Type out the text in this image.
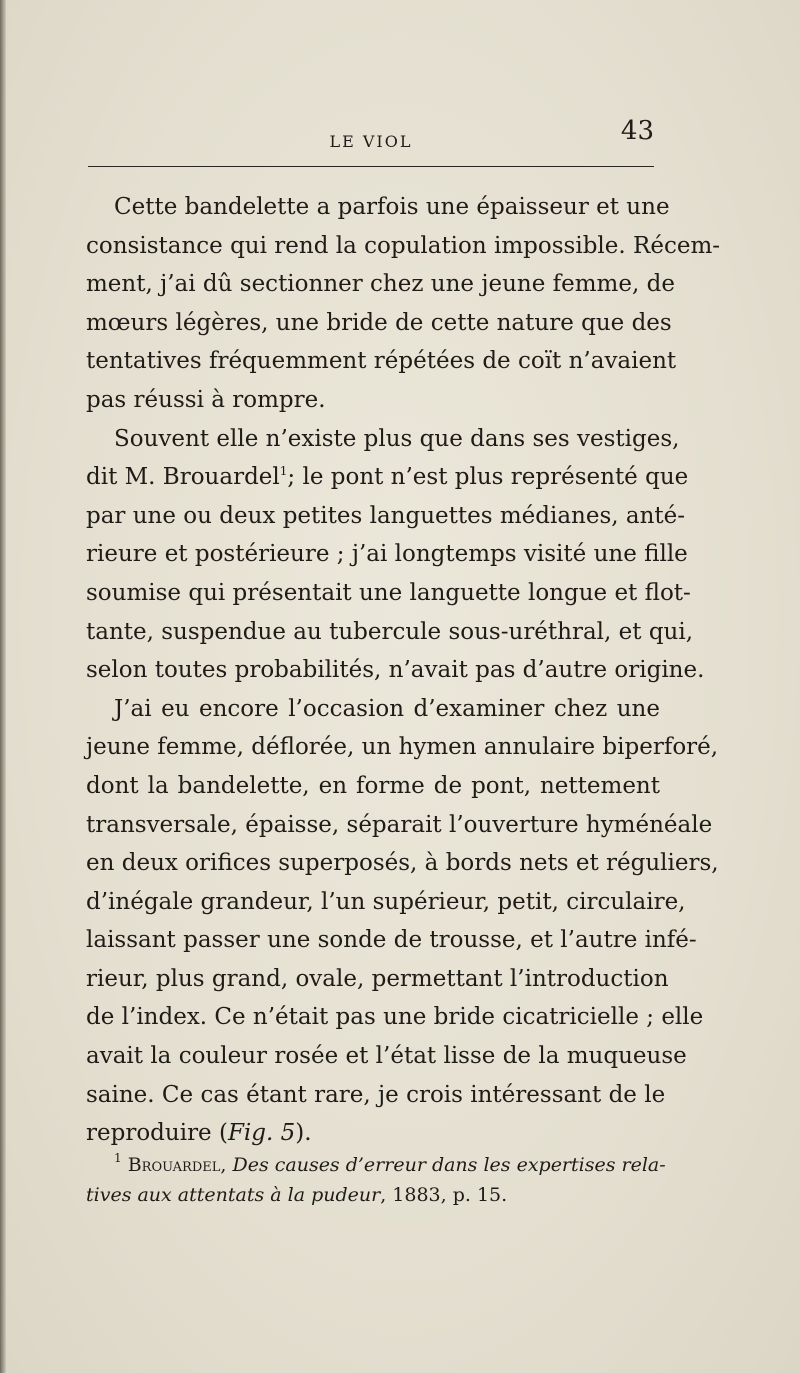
LE VIOL	43
Cette bandelette a parfois une épaisseur et une
consistance qui rend la copulation impossible. Récem-
ment, j’ai dû sectionner chez une jeune femme, de
mœurs légères, une bride de cette nature que des
tentatives fréquemment répétées de coït n’avaient
pas réussi à rompre.
Souvent elle n’existe plus que dans ses vestiges,
dit M. Brouardel$^1$; le pont n’est plus représenté que
par une ou deux petites languettes médianes, anté-
rieure et postérieure ; j’ai longtemps visité une fille
soumise qui présentait une languette longue et flot-
tante, suspendue au tubercule sous-uréthral, et qui,
selon toutes probabilités, n’avait pas d’autre origine.
J’ai eu encore l’occasion d’examiner chez une
jeune femme, déflorée, un hymen annulaire biperforé,
dont la bandelette, en forme de pont, nettement
transversale, épaisse, séparait l’ouverture hyménéale
en deux orifices superposés, à bords nets et réguliers,
d’inégale grandeur, l’un supérieur, petit, circulaire,
laissant passer une sonde de trousse, et l’autre infé-
rieur, plus grand, ovale, permettant l’introduction
de l’index. Ce n’était pas une bride cicatricielle ; elle
avait la couleur rosée et l’état lisse de la muqueuse
saine. Ce cas étant rare, je crois intéressant de le
reproduire (Fig. 5).
$^1$ Brouardel, Des causes d’erreur dans les expertises rela-
tives aux attentats à la pudeur, 1883, p. 15.
